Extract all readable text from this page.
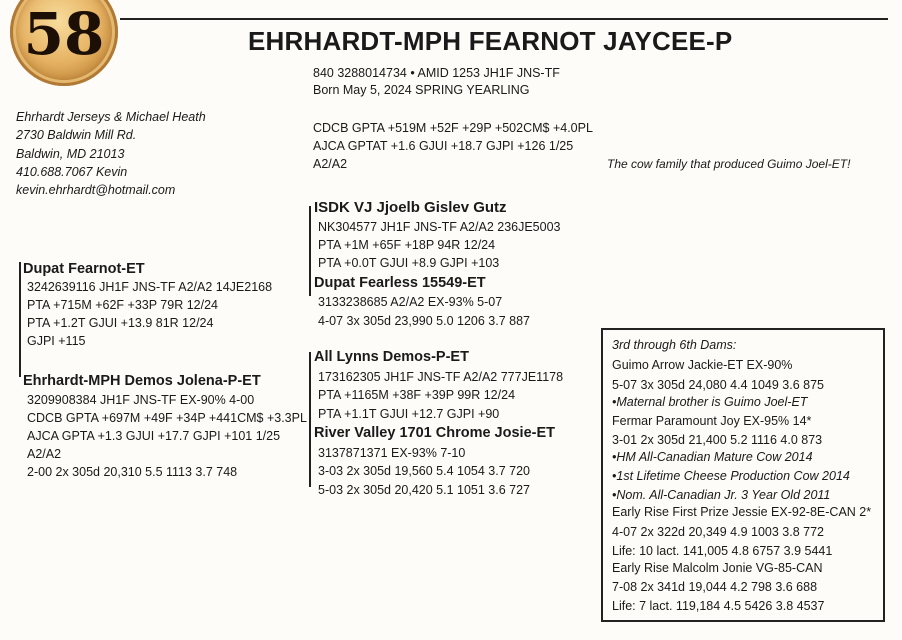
58	EHRHARDT-MPH FEARNOT JAYCEE-P
840 3288014734 • AMID 1253 JH1F JNS-TF
Born May 5, 2024 SPRING YEARLING
CDCB GPTA +519M +52F +29P +502CM$ +4.0PL
AJCA GPTAT +1.6 GJUI +18.7 GJPI +126 1/25
A2/A2
Ehrhardt Jerseys & Michael Heath
2730 Baldwin Mill Rd.
Baldwin, MD 21013
410.688.7067 Kevin
kevin.ehrhardt@hotmail.com
The cow family that produced Guimo Joel-ET!
ISDK VJ Jjoelb Gislev Gutz
NK304577 JH1F JNS-TF A2/A2 236JE5003
PTA +1M +65F +18P 94R 12/24
PTA +0.0T GJUI +8.9 GJPI +103
Dupat Fearnot-ET
3242639116 JH1F JNS-TF A2/A2 14JE2168
PTA +715M +62F +33P 79R 12/24
PTA +1.2T GJUI +13.9 81R 12/24
GJPI +115
Dupat Fearless 15549-ET
3133238685 A2/A2 EX-93% 5-07
4-07 3x 305d 23,990 5.0 1206 3.7 887
All Lynns Demos-P-ET
173162305 JH1F JNS-TF A2/A2 777JE1178
PTA +1165M +38F +39P 99R 12/24
PTA +1.1T GJUI +12.7 GJPI +90
Ehrhardt-MPH Demos Jolena-P-ET
3209908384 JH1F JNS-TF EX-90% 4-00
CDCB GPTA +697M +49F +34P +441CM$ +3.3PL
AJCA GPTA +1.3 GJUI +17.7 GJPI +101 1/25
A2/A2
2-00 2x 305d 20,310 5.5 1113 3.7 748
River Valley 1701 Chrome Josie-ET
3137871371 EX-93% 7-10
3-03 2x 305d 19,560 5.4 1054 3.7 720
5-03 2x 305d 20,420 5.1 1051 3.6 727
3rd through 6th Dams:
Guimo Arrow Jackie-ET EX-90%
5-07 3x 305d 24,080 4.4 1049 3.6 875
•Maternal brother is Guimo Joel-ET
Fermar Paramount Joy EX-95% 14*
3-01 2x 305d 21,400 5.2 1116 4.0 873
•HM All-Canadian Mature Cow 2014
•1st Lifetime Cheese Production Cow 2014
•Nom. All-Canadian Jr. 3 Year Old 2011
Early Rise First Prize Jessie EX-92-8E-CAN 2*
4-07 2x 322d 20,349 4.9 1003 3.8 772
Life: 10 lact. 141,005 4.8 6757 3.9 5441
Early Rise Malcolm Jonie VG-85-CAN
7-08 2x 341d 19,044 4.2 798 3.6 688
Life: 7 lact. 119,184 4.5 5426 3.8 4537
